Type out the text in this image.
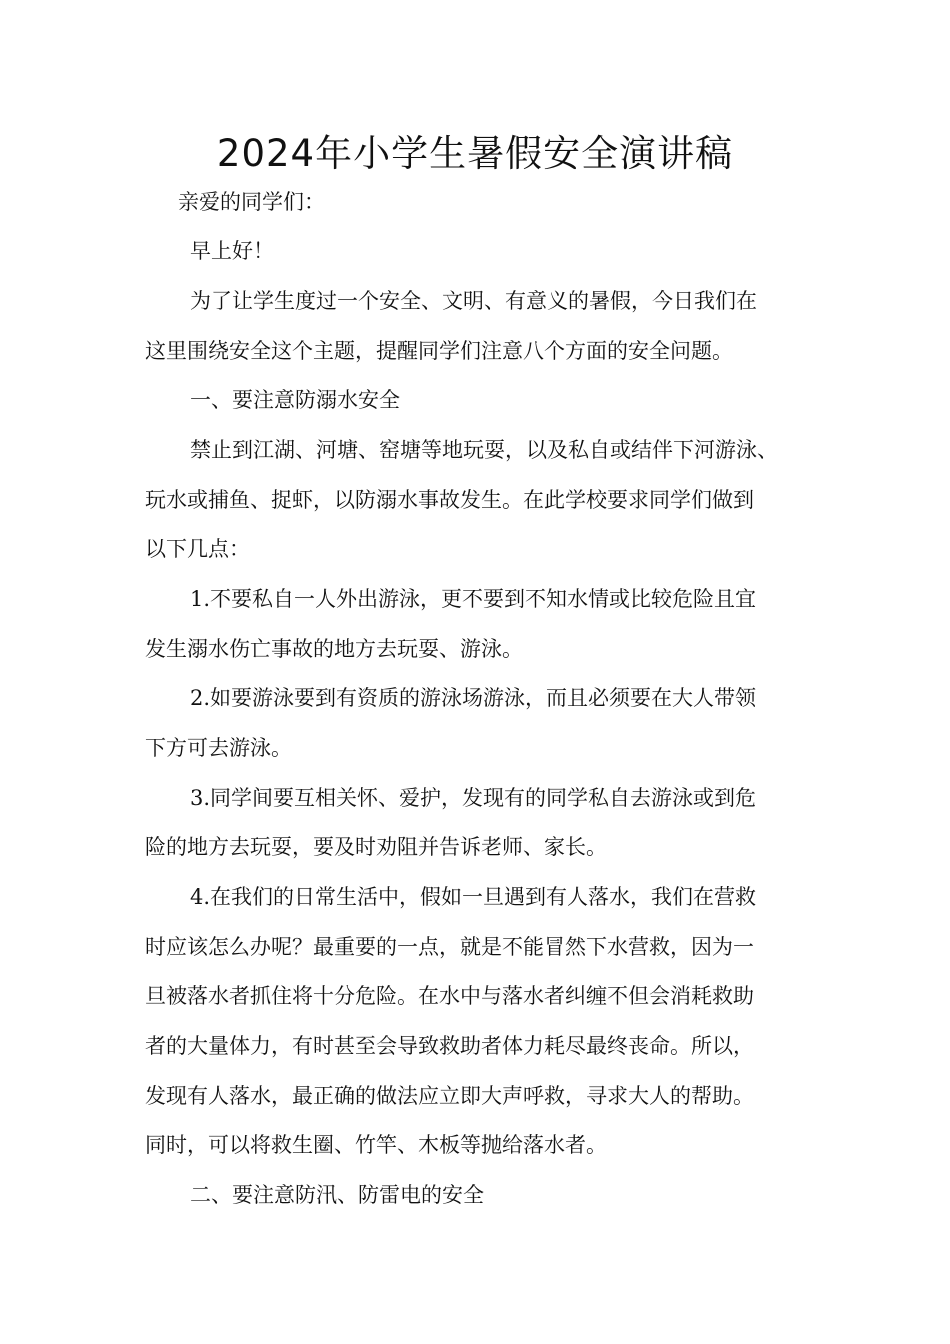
2024年小学生暑假安全演讲稿

亲爱的同学们：

早上好！

为了让学生度过一个安全、文明、有意义的暑假，今日我们在

这里围绕安全这个主题，提醒同学们注意八个方面的安全问题。

一、要注意防溺水安全

禁止到江湖、河塘、窑塘等地玩耍，以及私自或结伴下河游泳、

玩水或捕鱼、捉虾，以防溺水事故发生。在此学校要求同学们做到

以下几点：

1.不要私自一人外出游泳，更不要到不知水情或比较危险且宜

发生溺水伤亡事故的地方去玩耍、游泳。

2.如要游泳要到有资质的游泳场游泳，而且必须要在大人带领

下方可去游泳。

3.同学间要互相关怀、爱护，发现有的同学私自去游泳或到危

险的地方去玩耍，要及时劝阻并告诉老师、家长。

4.在我们的日常生活中，假如一旦遇到有人落水，我们在营救

时应该怎么办呢？最重要的一点，就是不能冒然下水营救，因为一

旦被落水者抓住将十分危险。在水中与落水者纠缠不但会消耗救助

者的大量体力，有时甚至会导致救助者体力耗尽最终丧命。所以，

发现有人落水，最正确的做法应立即大声呼救，寻求大人的帮助。

同时，可以将救生圈、竹竿、木板等抛给落水者。

二、要注意防汛、防雷电的安全
